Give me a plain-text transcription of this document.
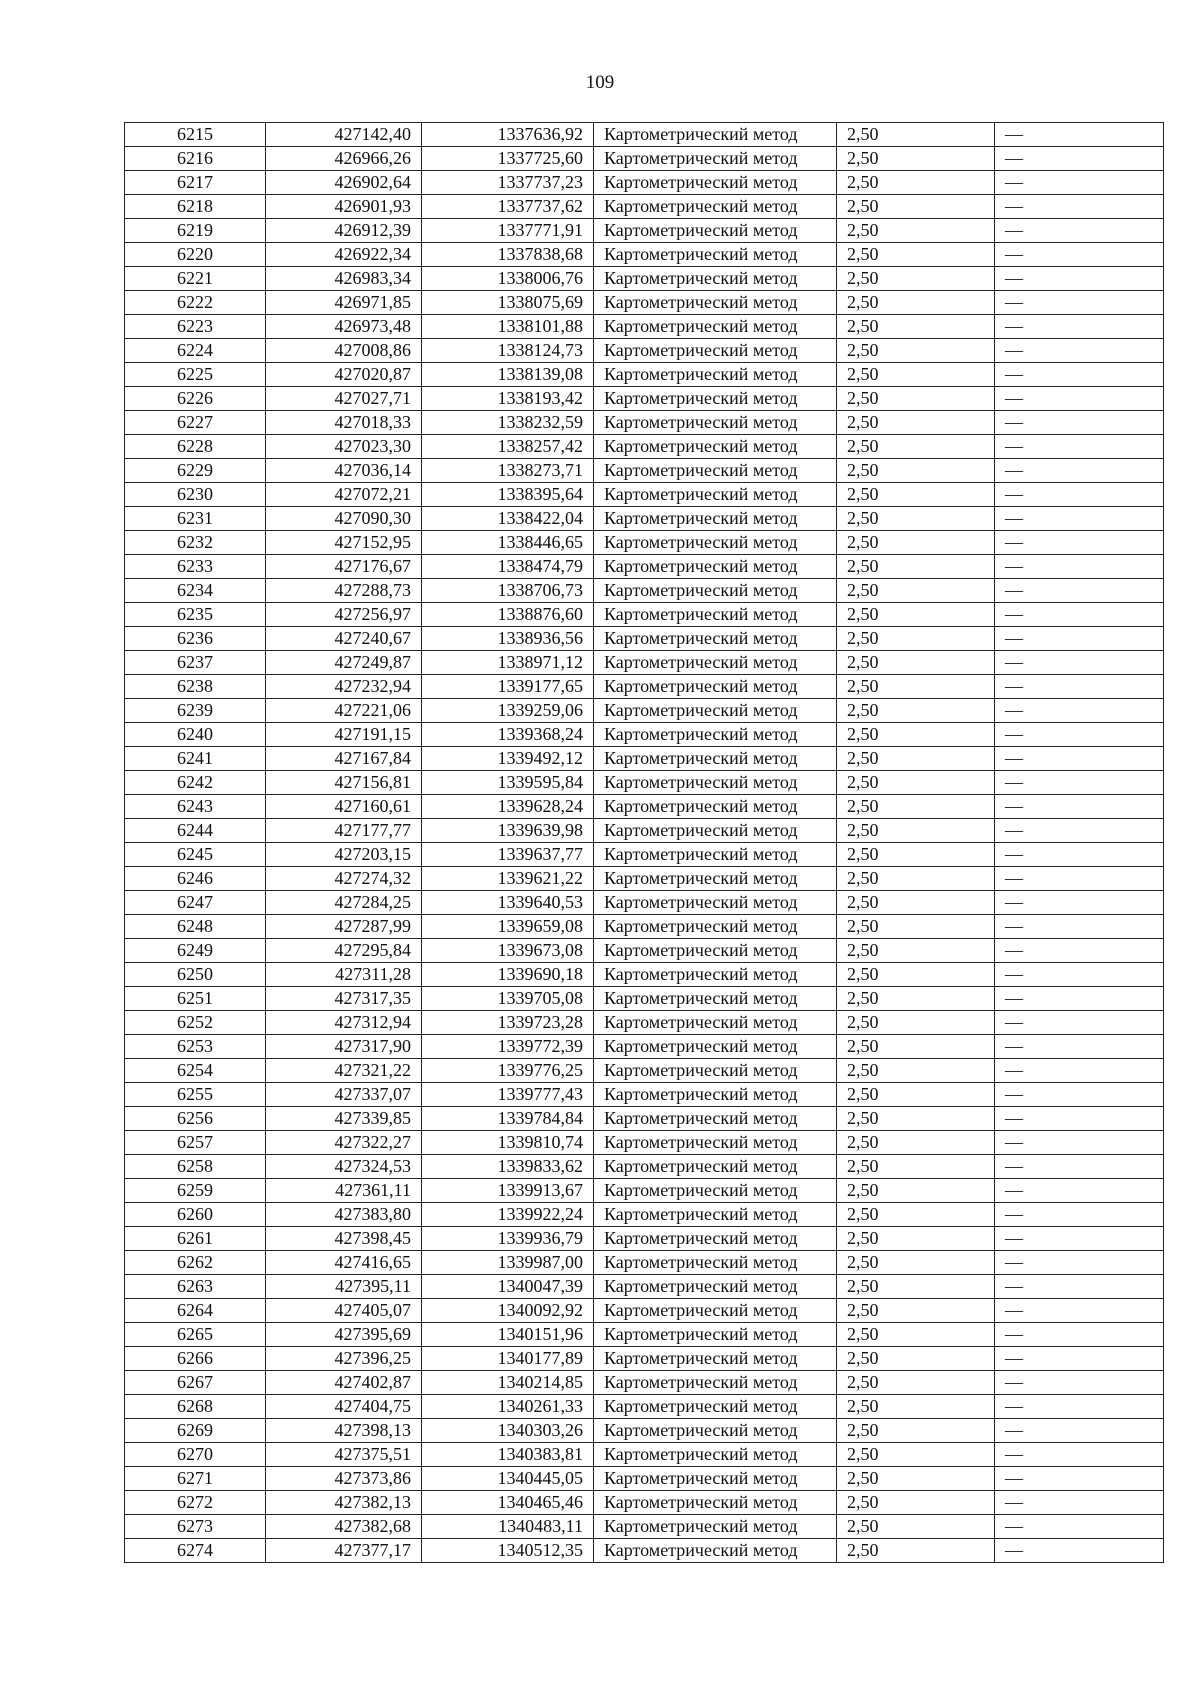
109
6215	427142,40	1337636,92	Картометрический метод	2,50	—
6216	426966,26	1337725,60	Картометрический метод	2,50	—
6217	426902,64	1337737,23	Картометрический метод	2,50	—
6218	426901,93	1337737,62	Картометрический метод	2,50	—
6219	426912,39	1337771,91	Картометрический метод	2,50	—
6220	426922,34	1337838,68	Картометрический метод	2,50	—
6221	426983,34	1338006,76	Картометрический метод	2,50	—
6222	426971,85	1338075,69	Картометрический метод	2,50	—
6223	426973,48	1338101,88	Картометрический метод	2,50	—
6224	427008,86	1338124,73	Картометрический метод	2,50	—
6225	427020,87	1338139,08	Картометрический метод	2,50	—
6226	427027,71	1338193,42	Картометрический метод	2,50	—
6227	427018,33	1338232,59	Картометрический метод	2,50	—
6228	427023,30	1338257,42	Картометрический метод	2,50	—
6229	427036,14	1338273,71	Картометрический метод	2,50	—
6230	427072,21	1338395,64	Картометрический метод	2,50	—
6231	427090,30	1338422,04	Картометрический метод	2,50	—
6232	427152,95	1338446,65	Картометрический метод	2,50	—
6233	427176,67	1338474,79	Картометрический метод	2,50	—
6234	427288,73	1338706,73	Картометрический метод	2,50	—
6235	427256,97	1338876,60	Картометрический метод	2,50	—
6236	427240,67	1338936,56	Картометрический метод	2,50	—
6237	427249,87	1338971,12	Картометрический метод	2,50	—
6238	427232,94	1339177,65	Картометрический метод	2,50	—
6239	427221,06	1339259,06	Картометрический метод	2,50	—
6240	427191,15	1339368,24	Картометрический метод	2,50	—
6241	427167,84	1339492,12	Картометрический метод	2,50	—
6242	427156,81	1339595,84	Картометрический метод	2,50	—
6243	427160,61	1339628,24	Картометрический метод	2,50	—
6244	427177,77	1339639,98	Картометрический метод	2,50	—
6245	427203,15	1339637,77	Картометрический метод	2,50	—
6246	427274,32	1339621,22	Картометрический метод	2,50	—
6247	427284,25	1339640,53	Картометрический метод	2,50	—
6248	427287,99	1339659,08	Картометрический метод	2,50	—
6249	427295,84	1339673,08	Картометрический метод	2,50	—
6250	427311,28	1339690,18	Картометрический метод	2,50	—
6251	427317,35	1339705,08	Картометрический метод	2,50	—
6252	427312,94	1339723,28	Картометрический метод	2,50	—
6253	427317,90	1339772,39	Картометрический метод	2,50	—
6254	427321,22	1339776,25	Картометрический метод	2,50	—
6255	427337,07	1339777,43	Картометрический метод	2,50	—
6256	427339,85	1339784,84	Картометрический метод	2,50	—
6257	427322,27	1339810,74	Картометрический метод	2,50	—
6258	427324,53	1339833,62	Картометрический метод	2,50	—
6259	427361,11	1339913,67	Картометрический метод	2,50	—
6260	427383,80	1339922,24	Картометрический метод	2,50	—
6261	427398,45	1339936,79	Картометрический метод	2,50	—
6262	427416,65	1339987,00	Картометрический метод	2,50	—
6263	427395,11	1340047,39	Картометрический метод	2,50	—
6264	427405,07	1340092,92	Картометрический метод	2,50	—
6265	427395,69	1340151,96	Картометрический метод	2,50	—
6266	427396,25	1340177,89	Картометрический метод	2,50	—
6267	427402,87	1340214,85	Картометрический метод	2,50	—
6268	427404,75	1340261,33	Картометрический метод	2,50	—
6269	427398,13	1340303,26	Картометрический метод	2,50	—
6270	427375,51	1340383,81	Картометрический метод	2,50	—
6271	427373,86	1340445,05	Картометрический метод	2,50	—
6272	427382,13	1340465,46	Картометрический метод	2,50	—
6273	427382,68	1340483,11	Картометрический метод	2,50	—
6274	427377,17	1340512,35	Картометрический метод	2,50	—
